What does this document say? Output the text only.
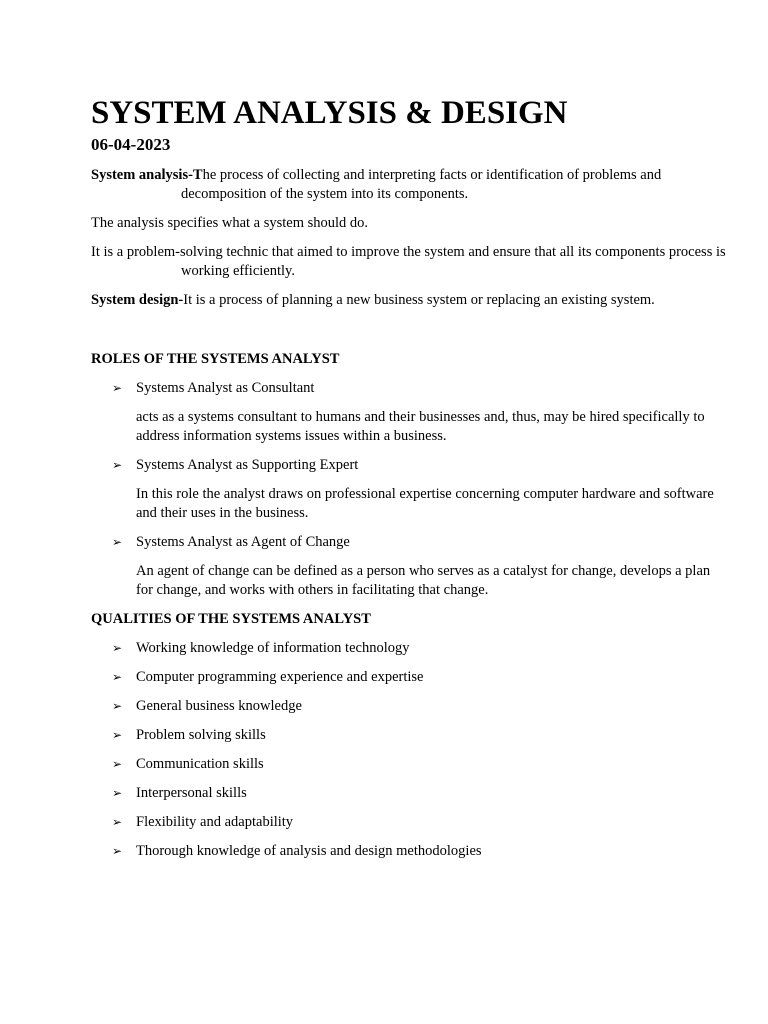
SYSTEM ANALYSIS & DESIGN
06-04-2023

System analysis-The process of collecting and interpreting facts or identification of problems and decomposition of the system into its components.

The analysis specifies what a system should do.

It is a problem-solving technic that aimed to improve the system and ensure that all its components process is working efficiently.

System design-It is a process of planning a new business system or replacing an existing system.

ROLES OF THE SYSTEMS ANALYST
➢ Systems Analyst as Consultant
acts as a systems consultant to humans and their businesses and, thus, may be hired specifically to address information systems issues within a business.
➢ Systems Analyst as Supporting Expert
In this role the analyst draws on professional expertise concerning computer hardware and software and their uses in the business.
➢ Systems Analyst as Agent of Change
An agent of change can be defined as a person who serves as a catalyst for change, develops a plan for change, and works with others in facilitating that change.
QUALITIES OF THE SYSTEMS ANALYST
➢ Working knowledge of information technology
➢ Computer programming experience and expertise
➢ General business knowledge
➢ Problem solving skills
➢ Communication skills
➢ Interpersonal skills
➢ Flexibility and adaptability
➢ Thorough knowledge of analysis and design methodologies
